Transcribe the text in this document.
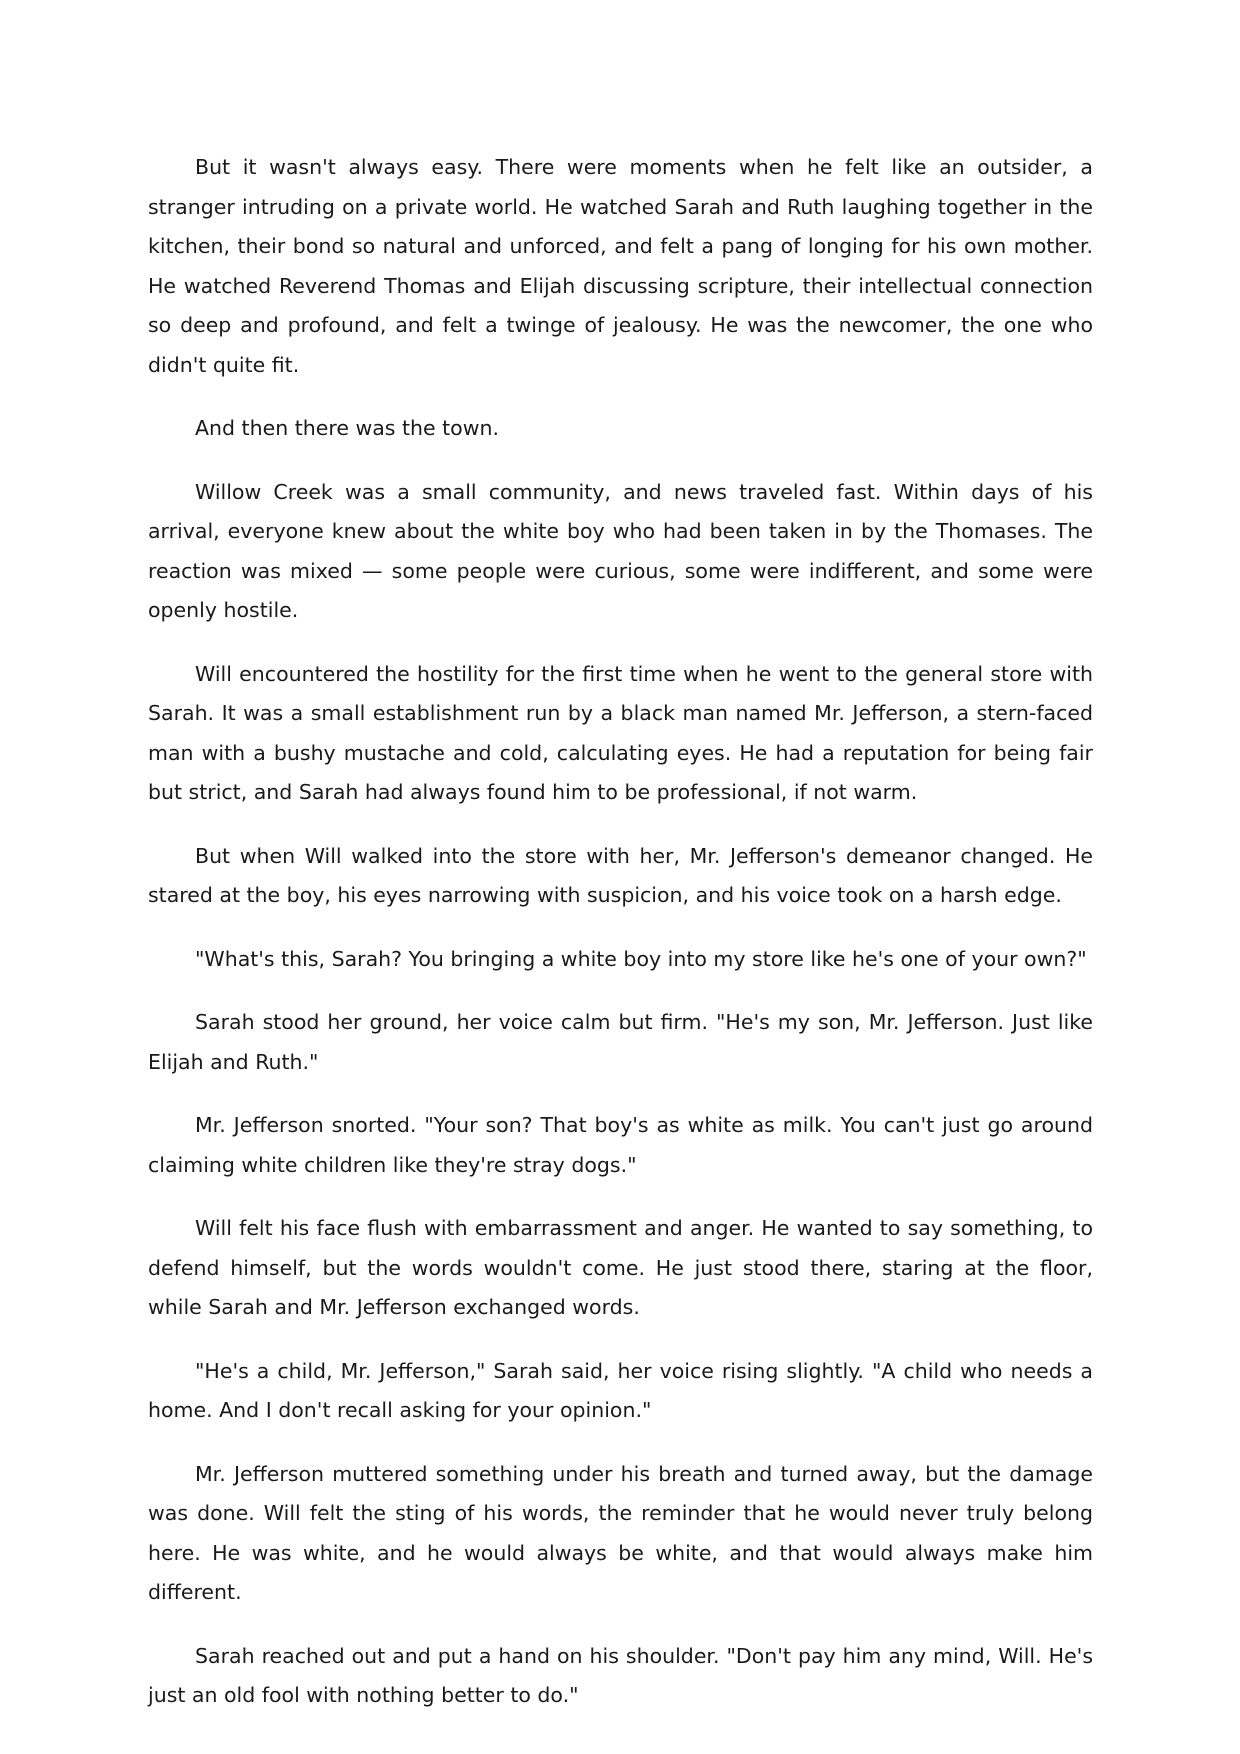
But it wasn't always easy. There were moments when he felt like an outsider, a stranger intruding on a private world. He watched Sarah and Ruth laughing together in the kitchen, their bond so natural and unforced, and felt a pang of longing for his own mother. He watched Reverend Thomas and Elijah discussing scripture, their intellectual connection so deep and profound, and felt a twinge of jealousy. He was the newcomer, the one who didn't quite fit.

And then there was the town.

Willow Creek was a small community, and news traveled fast. Within days of his arrival, everyone knew about the white boy who had been taken in by the Thomases. The reaction was mixed — some people were curious, some were indifferent, and some were openly hostile.

Will encountered the hostility for the first time when he went to the general store with Sarah. It was a small establishment run by a black man named Mr. Jefferson, a stern-faced man with a bushy mustache and cold, calculating eyes. He had a reputation for being fair but strict, and Sarah had always found him to be professional, if not warm.

But when Will walked into the store with her, Mr. Jefferson's demeanor changed. He stared at the boy, his eyes narrowing with suspicion, and his voice took on a harsh edge.

"What's this, Sarah? You bringing a white boy into my store like he's one of your own?"

Sarah stood her ground, her voice calm but firm. "He's my son, Mr. Jefferson. Just like Elijah and Ruth."

Mr. Jefferson snorted. "Your son? That boy's as white as milk. You can't just go around claiming white children like they're stray dogs."

Will felt his face flush with embarrassment and anger. He wanted to say something, to defend himself, but the words wouldn't come. He just stood there, staring at the floor, while Sarah and Mr. Jefferson exchanged words.

"He's a child, Mr. Jefferson," Sarah said, her voice rising slightly. "A child who needs a home. And I don't recall asking for your opinion."

Mr. Jefferson muttered something under his breath and turned away, but the damage was done. Will felt the sting of his words, the reminder that he would never truly belong here. He was white, and he would always be white, and that would always make him different.

Sarah reached out and put a hand on his shoulder. "Don't pay him any mind, Will. He's just an old fool with nothing better to do."
